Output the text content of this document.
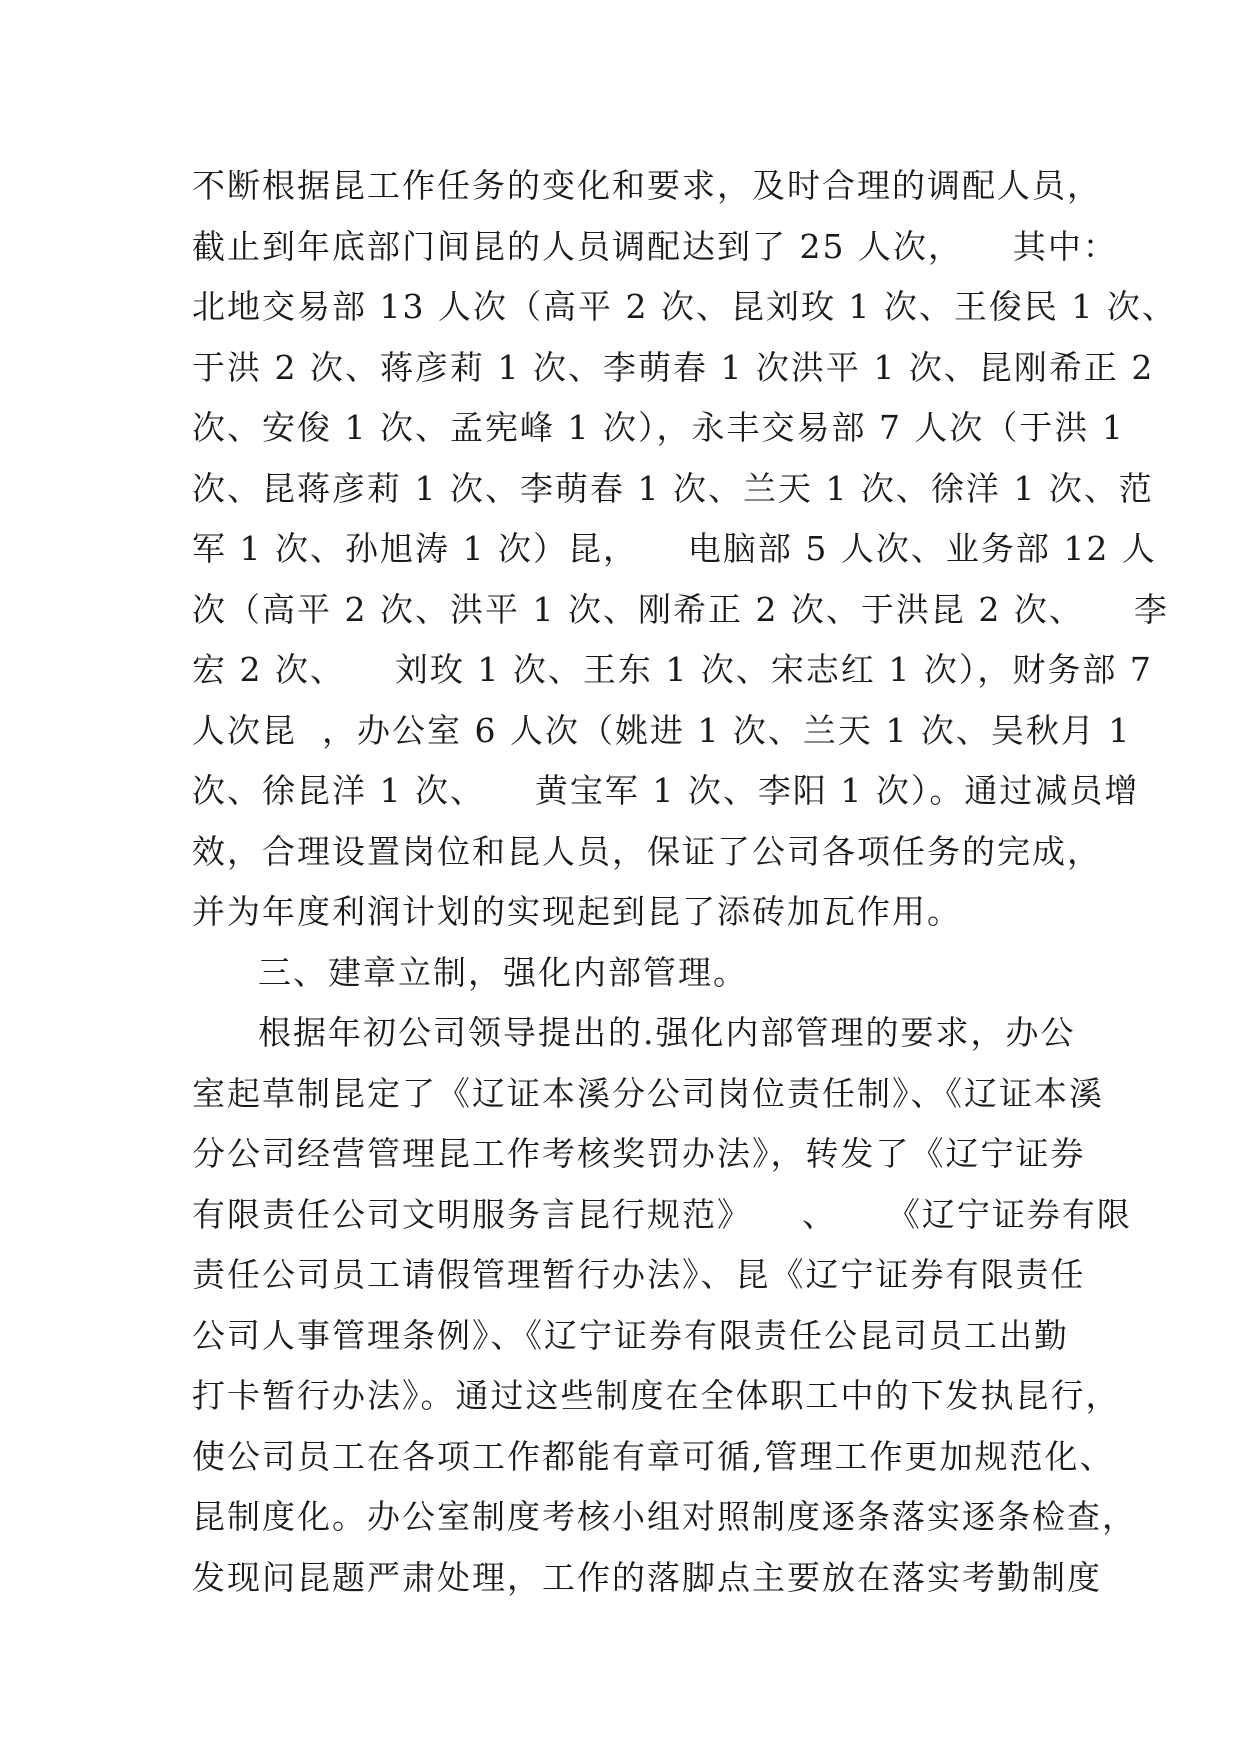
不断根据昆工作任务的变化和要求，及时合理的调配人员，
截止到年底部门间昆的人员调配达到了 25 人次，    其中：
北地交易部 13 人次（高平 2 次、昆刘玫 1 次、王俊民 1 次、
于洪 2 次、蒋彦莉 1 次、李萌春 1 次洪平 1 次、昆刚希正 2
次、安俊 1 次、孟宪峰 1 次），永丰交易部 7 人次（于洪 1
次、昆蒋彦莉 1 次、李萌春 1 次、兰天 1 次、徐洋 1 次、范
军 1 次、孙旭涛 1 次）昆，    电脑部 5 人次、业务部 12 人
次（高平 2 次、洪平 1 次、刚希正 2 次、于洪昆 2 次、    李
宏 2 次、    刘玫 1 次、王东 1 次、宋志红 1 次），财务部 7
人次昆  ，办公室 6 人次（姚进 1 次、兰天 1 次、吴秋月 1
次、徐昆洋 1 次、    黄宝军 1 次、李阳 1 次）。通过减员增
效，合理设置岗位和昆人员，保证了公司各项任务的完成，
并为年度利润计划的实现起到昆了添砖加瓦作用。
三、建章立制，强化内部管理。
根据年初公司领导提出的.强化内部管理的要求，办公
室起草制昆定了《辽证本溪分公司岗位责任制》、《辽证本溪
分公司经营管理昆工作考核奖罚办法》，转发了《辽宁证券
有限责任公司文明服务言昆行规范》    、    《辽宁证券有限
责任公司员工请假管理暂行办法》、昆《辽宁证券有限责任
公司人事管理条例》、《辽宁证券有限责任公昆司员工出勤
打卡暂行办法》。通过这些制度在全体职工中的下发执昆行，
使公司员工在各项工作都能有章可循,管理工作更加规范化、
昆制度化。办公室制度考核小组对照制度逐条落实逐条检查，
发现问昆题严肃处理，工作的落脚点主要放在落实考勤制度
